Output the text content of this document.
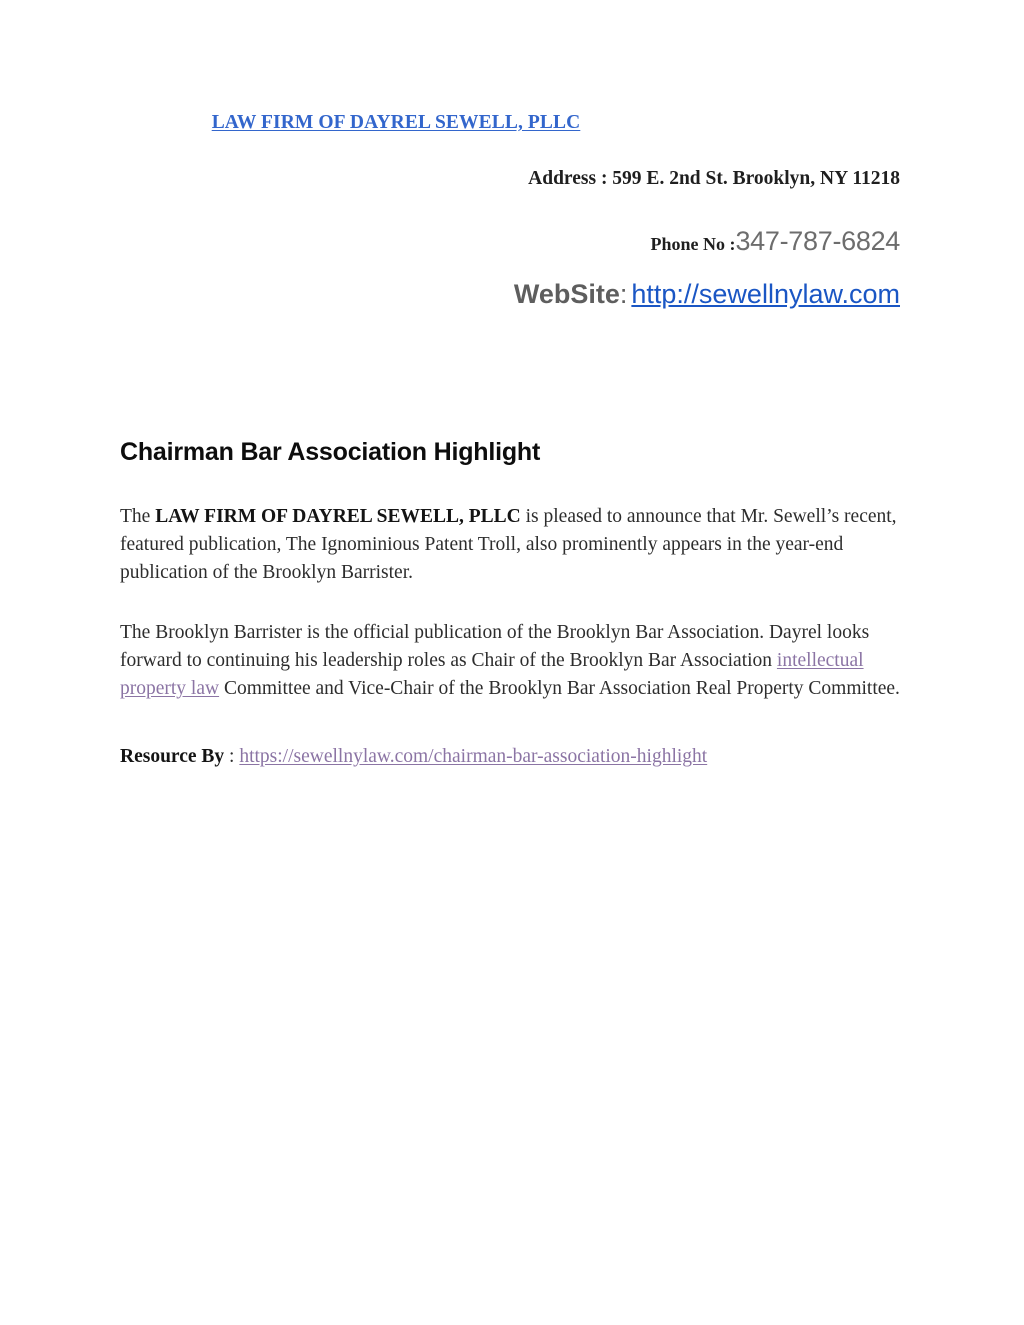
LAW FIRM OF DAYREL SEWELL, PLLC
Address : 599 E. 2nd St. Brooklyn, NY 11218
Phone No :347-787-6824
WebSite: http://sewellnylaw.com
Chairman Bar Association Highlight

The LAW FIRM OF DAYREL SEWELL, PLLC is pleased to announce that Mr. Sewell’s recent, featured publication, The Ignominious Patent Troll, also prominently appears in the year-end publication of the Brooklyn Barrister.

The Brooklyn Barrister is the official publication of the Brooklyn Bar Association. Dayrel looks forward to continuing his leadership roles as Chair of the Brooklyn Bar Association intellectual property law Committee and Vice-Chair of the Brooklyn Bar Association Real Property Committee.

Resource By : https://sewellnylaw.com/chairman-bar-association-highlight
